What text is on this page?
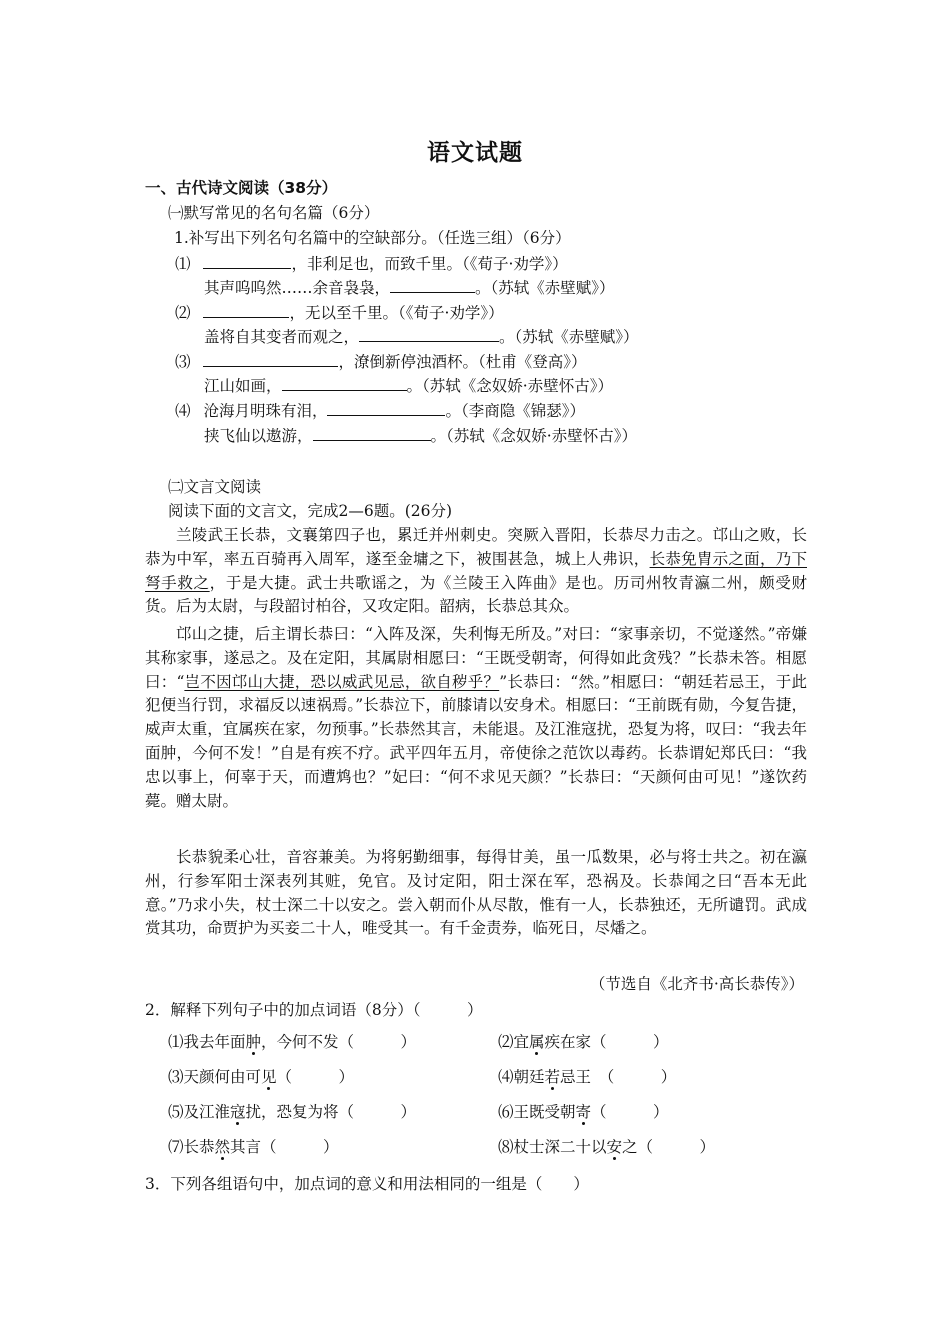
语文试题
一、古代诗文阅读（38分）
㈠默写常见的名句名篇（6分）
1.补写出下列名句名篇中的空缺部分。（任选三组）（6分）
⑴	，非利足也，而致千里。（《荀子·劝学》）
其声呜呜然……余音袅袅，	。（苏轼《赤壁赋》）
⑵	，无以至千里。（《荀子·劝学》）
盖将自其变者而观之，	。（苏轼《赤壁赋》）
⑶	，潦倒新停浊酒杯。（杜甫《登高》）
江山如画，	。（苏轼《念奴娇·赤壁怀古》）
⑷ 沧海月明珠有泪，	。（李商隐《锦瑟》）
挟飞仙以遨游，	。（苏轼《念奴娇·赤壁怀古》）
㈡文言文阅读
阅读下面的文言文，完成2—6题。(26分)
兰陵武王长恭，文襄第四子也，累迁并州刺史。突厥入晋阳，长恭尽力击之。邙山之败，长恭为中军，率五百骑再入周军，遂至金墉之下，被围甚急，城上人弗识，长恭免胄示之面，乃下弩手救之，于是大捷。武士共歌谣之，为《兰陵王入阵曲》是也。历司州牧青瀛二州，颇受财货。后为太尉，与段韶讨柏谷，又攻定阳。韶病，长恭总其众。
邙山之捷，后主谓长恭曰：“入阵及深，失利悔无所及。”对曰：“家事亲切，不觉遂然。”帝嫌其称家事，遂忌之。及在定阳，其属尉相愿曰：“王既受朝寄，何得如此贪残？”长恭未答。相愿曰：“岂不因邙山大捷，恐以威武见忌，欲自秽乎？”长恭曰：“然。”相愿曰：“朝廷若忌王，于此犯便当行罚，求福反以速祸焉。”长恭泣下，前膝请以安身术。相愿曰：“王前既有勋，今复告捷，威声太重，宜属疾在家，勿预事。”长恭然其言，未能退。及江淮寇扰，恐复为将，叹曰：“我去年面肿，今何不发！”自是有疾不疗。武平四年五月，帝使徐之范饮以毒药。长恭谓妃郑氏曰：“我忠以事上，何辜于天，而遭鸩也？”妃曰：“何不求见天颜？”长恭曰：“天颜何由可见！”遂饮药薨。赠太尉。
长恭貌柔心壮，音容兼美。为将躬勤细事，每得甘美，虽一瓜数果，必与将士共之。初在瀛州，行参军阳士深表列其赃，免官。及讨定阳，阳士深在军，恐祸及。长恭闻之曰“吾本无此意。”乃求小失，杖士深二十以安之。尝入朝而仆从尽散，惟有一人，长恭独还，无所谴罚。武成赏其功，命贾护为买妾二十人，唯受其一。有千金责券，临死日，尽燔之。
（节选自《北齐书·高长恭传》）
2．解释下列句子中的加点词语（8分）（　　　）
⑴我去年面肿，今何不发（　　　）	⑵宜属疾在家（　　　）
⑶天颜何由可见（　　　）	⑷朝廷若忌王　（　　　）
⑸及江淮寇扰，恐复为将（　　　）	⑹王既受朝寄（　　　）
⑺长恭然其言（　　　）	⑻杖士深二十以安之（　　　）
3．下列各组语句中，加点词的意义和用法相同的一组是（　　）
